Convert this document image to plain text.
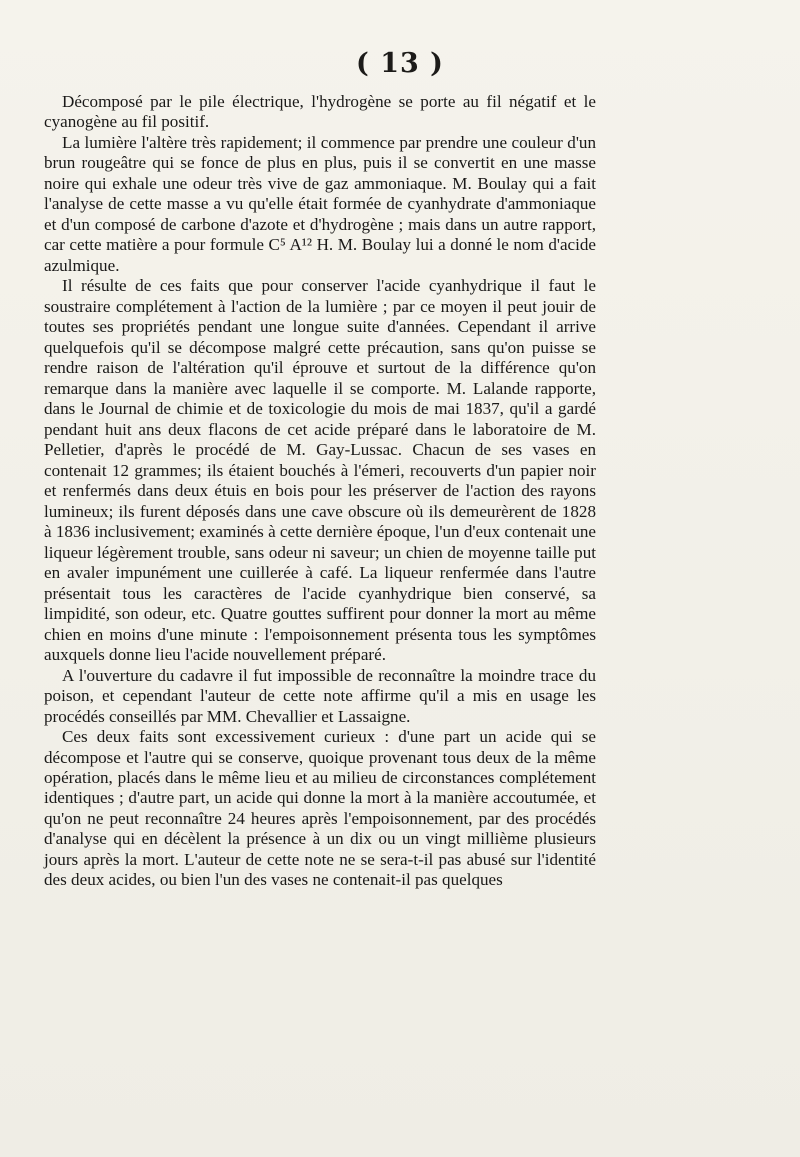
( 13 )

Décomposé par le pile électrique, l'hydrogène se porte au fil négatif et le cyanogène au fil positif.

La lumière l'altère très rapidement; il commence par prendre une couleur d'un brun rougeâtre qui se fonce de plus en plus, puis il se convertit en une masse noire qui exhale une odeur très vive de gaz ammoniaque. M. Boulay qui a fait l'analyse de cette masse a vu qu'elle était formée de cyanhydrate d'ammoniaque et d'un composé de carbone d'azote et d'hydrogène ; mais dans un autre rapport, car cette matière a pour formule C⁵ A¹² H. M. Boulay lui a donné le nom d'acide azulmique.

Il résulte de ces faits que pour conserver l'acide cyanhydrique il faut le soustraire complétement à l'action de la lumière ; par ce moyen il peut jouir de toutes ses propriétés pendant une longue suite d'années. Cependant il arrive quelquefois qu'il se décompose malgré cette précaution, sans qu'on puisse se rendre raison de l'altération qu'il éprouve et surtout de la différence qu'on remarque dans la manière avec laquelle il se comporte. M. Lalande rapporte, dans le Journal de chimie et de toxicologie du mois de mai 1837, qu'il a gardé pendant huit ans deux flacons de cet acide préparé dans le laboratoire de M. Pelletier, d'après le procédé de M. Gay-Lussac. Chacun de ses vases en contenait 12 grammes; ils étaient bouchés à l'émeri, recouverts d'un papier noir et renfermés dans deux étuis en bois pour les préserver de l'action des rayons lumineux; ils furent déposés dans une cave obscure où ils demeurèrent de 1828 à 1836 inclusivement; examinés à cette dernière époque, l'un d'eux contenait une liqueur légèrement trouble, sans odeur ni saveur; un chien de moyenne taille put en avaler impunément une cuillerée à café. La liqueur renfermée dans l'autre présentait tous les caractères de l'acide cyanhydrique bien conservé, sa limpidité, son odeur, etc. Quatre gouttes suffirent pour donner la mort au même chien en moins d'une minute : l'empoisonnement présenta tous les symptômes auxquels donne lieu l'acide nouvellement préparé.

A l'ouverture du cadavre il fut impossible de reconnaître la moindre trace du poison, et cependant l'auteur de cette note affirme qu'il a mis en usage les procédés conseillés par MM. Chevallier et Lassaigne.

Ces deux faits sont excessivement curieux : d'une part un acide qui se décompose et l'autre qui se conserve, quoique provenant tous deux de la même opération, placés dans le même lieu et au milieu de circonstances complétement identiques ; d'autre part, un acide qui donne la mort à la manière accoutumée, et qu'on ne peut reconnaître 24 heures après l'empoisonnement, par des procédés d'analyse qui en décèlent la présence à un dix ou un vingt millième plusieurs jours après la mort. L'auteur de cette note ne se sera-t-il pas abusé sur l'identité des deux acides, ou bien l'un des vases ne contenait-il pas quelques
